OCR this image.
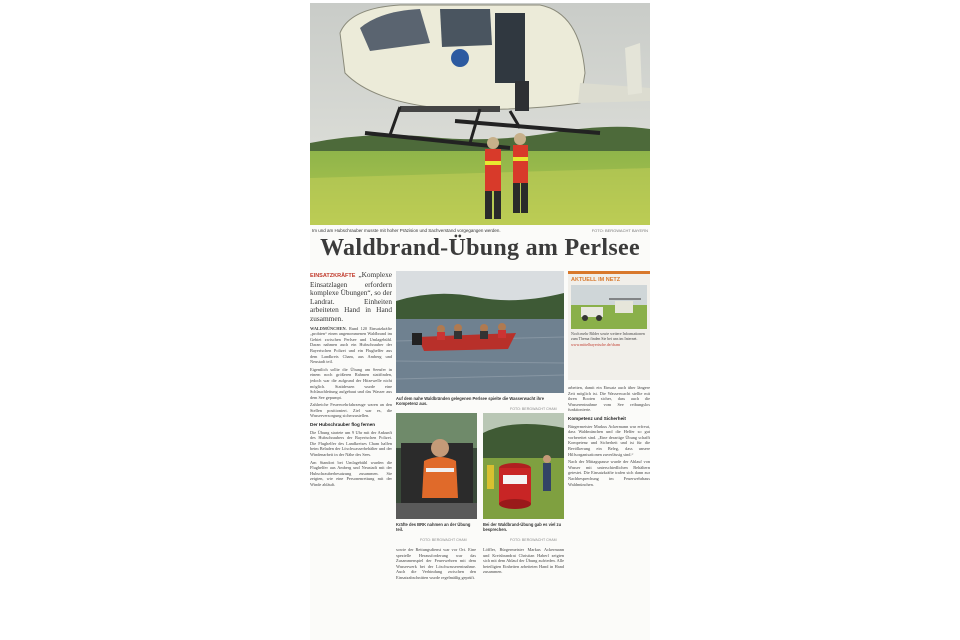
Im und am Hubschrauber musste mit hoher Präzision und Sachverstand vorgegangen werden.	FOTO: BERGWACHT BAYERN
Waldbrand-Übung am Perlsee

EINSATZKRÄFTE „Komplexe Einsatzlagen erfordern komplexe Übungen“, so der Landrat. Einheiten arbeiteten Hand in Hand zusammen.

WALDMÜNCHEN. Rund 120 Einsatzkräfte „probten“ einen angenommenen Waldbrand im Gebiet zwischen Perlsee und Umlagebühl. Daran nahmen auch ein Hubschrauber der Bayerischen Polizei und ein Flughelfer aus dem Landkreis Cham, aus Amberg und Neustadt teil.

Eigentlich sollte die Übung am Seeufer in einem noch größeren Rahmen stattfinden, jedoch war die aufgrund der Hitzewelle nicht möglich. Stattdessen wurde eine Schlauchleitung aufgebaut und das Wasser aus dem See gepumpt.

Zahlreiche Feuerwehrfahrzeuge waren an den Stellen positioniert. Ziel war es, die Wasserversorgung sicherzustellen.

Der Hubschrauber flog fernen

Die Übung startete um 9 Uhr mit der Ankunft des Hubschraubers der Bayerischen Polizei. Die Flughelfer des Landkreises Cham halfen beim Beladen der Löschwasserbehälter und der Windenarbeit in der Nähe des Sees.

Am Standort bei Umlagebühl wurden die Flughelfer aus Amberg und Neustadt mit der Hubschrauberbesatzung zusammen. Sie zeigten, wie eine Personenrettung mit der Winde abläuft.

Auf dem nahe Waldbränden gelegenen Perlsee spielte die Wasserwacht ihre Kompetenz aus.
FOTO: BERGWACHT CHAM
Kräfte des BRK nahmen an der Übung teil.
FOTO: BERGWACHT CHAM
Bei der Waldbrand-Übung gab es viel zu besprechen.
FOTO: BERGWACHT CHAM

sowie der Rettungsdienst war vor Ort. Eine spezielle Herausforderung war das Zusammenspiel der Feuerwehren mit dem Wasserwerk bei der Löschwasserentnahme. Auch die Verbindung zwischen den Einsatzabschnitten wurde regelmäßig geprüft.

Löffler, Bürgermeister Markus Ackermann und Kreisbrandrat Christian Haberl zeigten sich mit dem Ablauf der Übung zufrieden. Alle beteiligten Einheiten arbeiteten Hand in Hand zusammen.

AKTUELL IM NETZ
Noch mehr Bilder sowie weitere Informationen zum Thema finden Sie bei uns im Internet.
www.mittelbayerische.de/cham

arbeiten, damit ein Einsatz auch über längere Zeit möglich ist. Die Wasserwacht stellte mit ihren Booten sicher, dass auch die Wasserentnahme vom See reibungslos funktionierte.

Kompetenz und Sicherheit

Bürgermeister Markus Ackermann war erfreut, dass Waldmünchen und die Helfer so gut vorbereitet sind. „Eine derartige Übung schafft Kompetenz und Sicherheit und ist für die Bevölkerung ein Beleg, dass unsere Hilfsorganisationen zuverlässig sind.“

Nach der Mittagspause wurde der Ablauf von Wasser mit unterschiedlichen Behältern getestet. Die Einsatzkräfte trafen sich dann zur Nachbesprechung im Feuerwehrhaus Waldmünchen.
